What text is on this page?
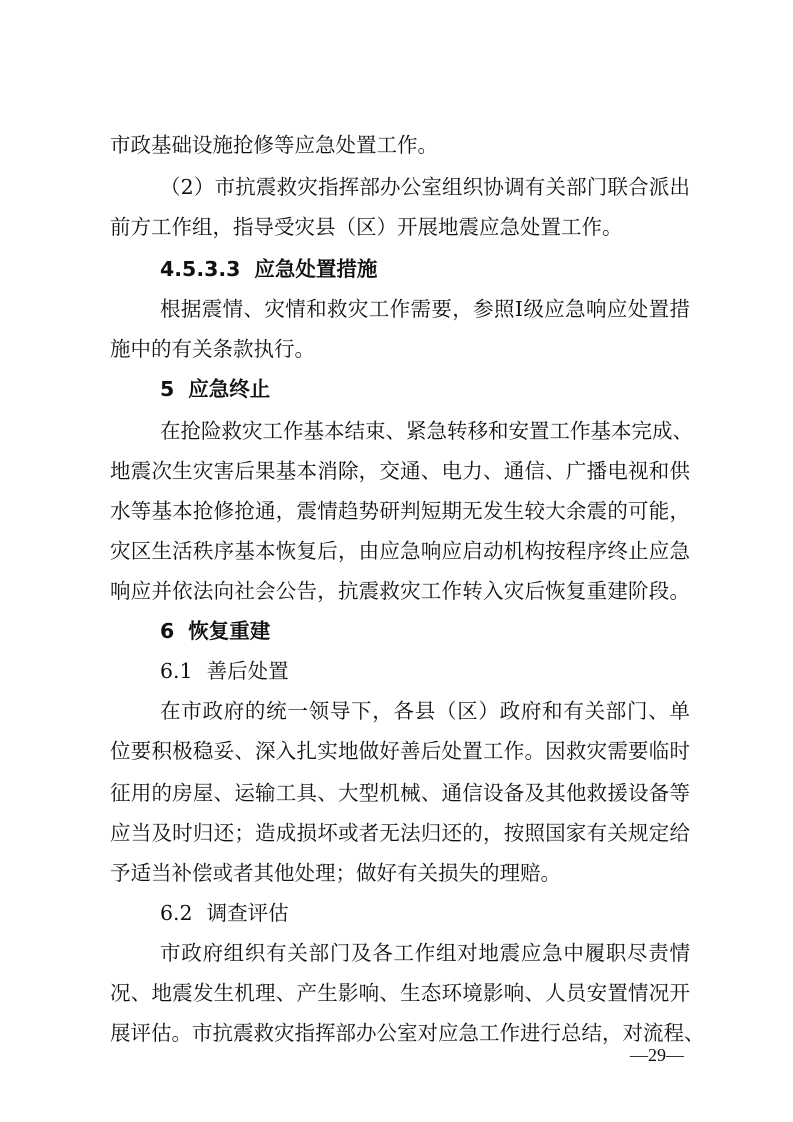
市政基础设施抢修等应急处置工作。
（2）市抗震救灾指挥部办公室组织协调有关部门联合派出
前方工作组，指导受灾县（区）开展地震应急处置工作。
4.5.3.3 应急处置措施
根据震情、灾情和救灾工作需要，参照I级应急响应处置措
施中的有关条款执行。
5 应急终止
在抢险救灾工作基本结束、紧急转移和安置工作基本完成、
地震次生灾害后果基本消除，交通、电力、通信、广播电视和供
水等基本抢修抢通，震情趋势研判短期无发生较大余震的可能，
灾区生活秩序基本恢复后，由应急响应启动机构按程序终止应急
响应并依法向社会公告，抗震救灾工作转入灾后恢复重建阶段。
6 恢复重建
6.1 善后处置
在市政府的统一领导下，各县（区）政府和有关部门、单
位要积极稳妥、深入扎实地做好善后处置工作。因救灾需要临时
征用的房屋、运输工具、大型机械、通信设备及其他救援设备等
应当及时归还；造成损坏或者无法归还的，按照国家有关规定给
予适当补偿或者其他处理；做好有关损失的理赔。
6.2 调查评估
市政府组织有关部门及各工作组对地震应急中履职尽责情
况、地震发生机理、产生影响、生态环境影响、人员安置情况开
展评估。市抗震救灾指挥部办公室对应急工作进行总结，对流程、
—29—
